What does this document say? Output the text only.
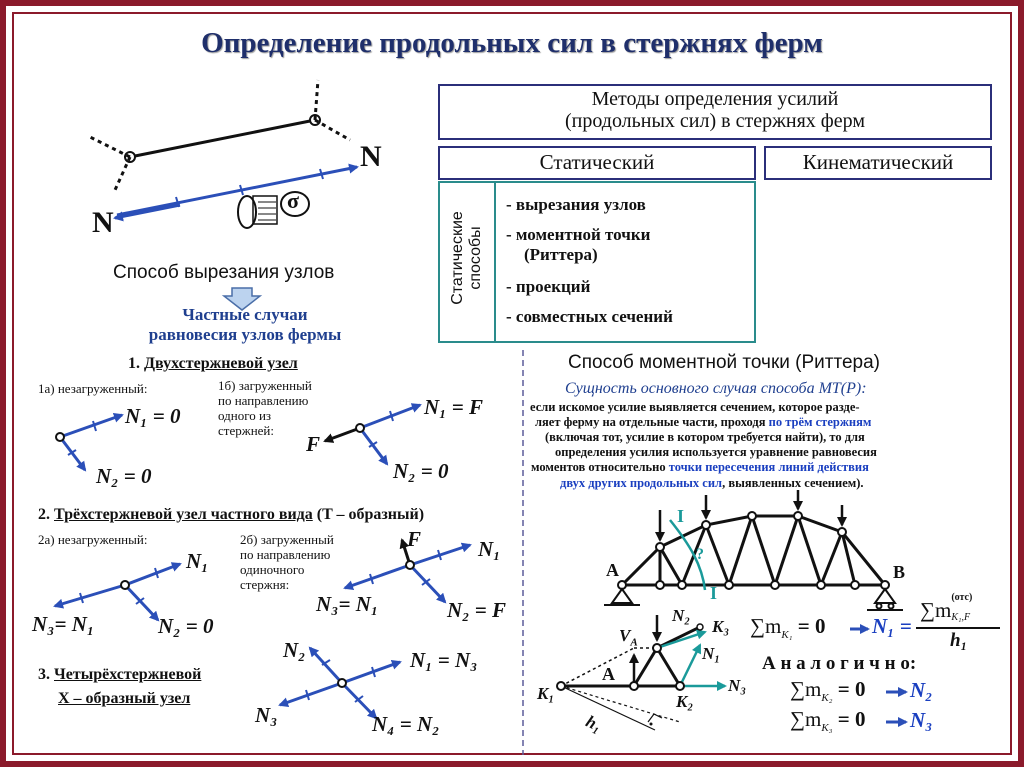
Определение продольных сил в стержнях ферм
Методы определения усилий
(продольных сил) в стержнях ферм
Статический	Кинематический
Статические способы
- вырезания узлов
- моментной точки
(Риттера)
- проекций
- совместных сечений
N
N
σ
Способ вырезания узлов
Частные случаи
равновесия узлов фермы
1. Двухстержневой узел
1а) незагруженный:	1б) загруженный
по направлению
одного из
стержней:
N₁ = 0
N₂ = 0
N₁ = F
F
N₂ = 0
2. Трёхстержневой узел частного вида (T – образный)
2а) незагруженный:	2б) загруженный
по направлению
одиночного
стержня:
N₁
N₃= N₁	N₂ = 0
F	N₁
N₃= N₁	N₂ = F
3. Четырёхстержневой
X – образный узел
N₂	N₁ = N₃
N₃	N₄ = N₂
Способ моментной точки (Риттера)
Сущность основного случая способа МТ(Р):
если искомое усилие выявляется сечением, которое разде-
ляет ферму на отдельные части, проходя по трём стержням
(включая тот, усилие в котором требуется найти), то для
определения усилия используется уравнение равновесия
моментов относительно точки пересечения линий действия
двух других продольных сил, выявленных сечением).
A	B
I
I
?
N₂
K₃
N₁
$V_A$
A
N₃
K₁	K₂
h₁
$\sum m_{K_1} = 0$ N₁ =
∑m
(отс)
K₁,F
h₁
А н а л о г и ч н о:
$\sum m_{K_2} = 0$ N₂
$\sum m_{K_3} = 0$ N₃
